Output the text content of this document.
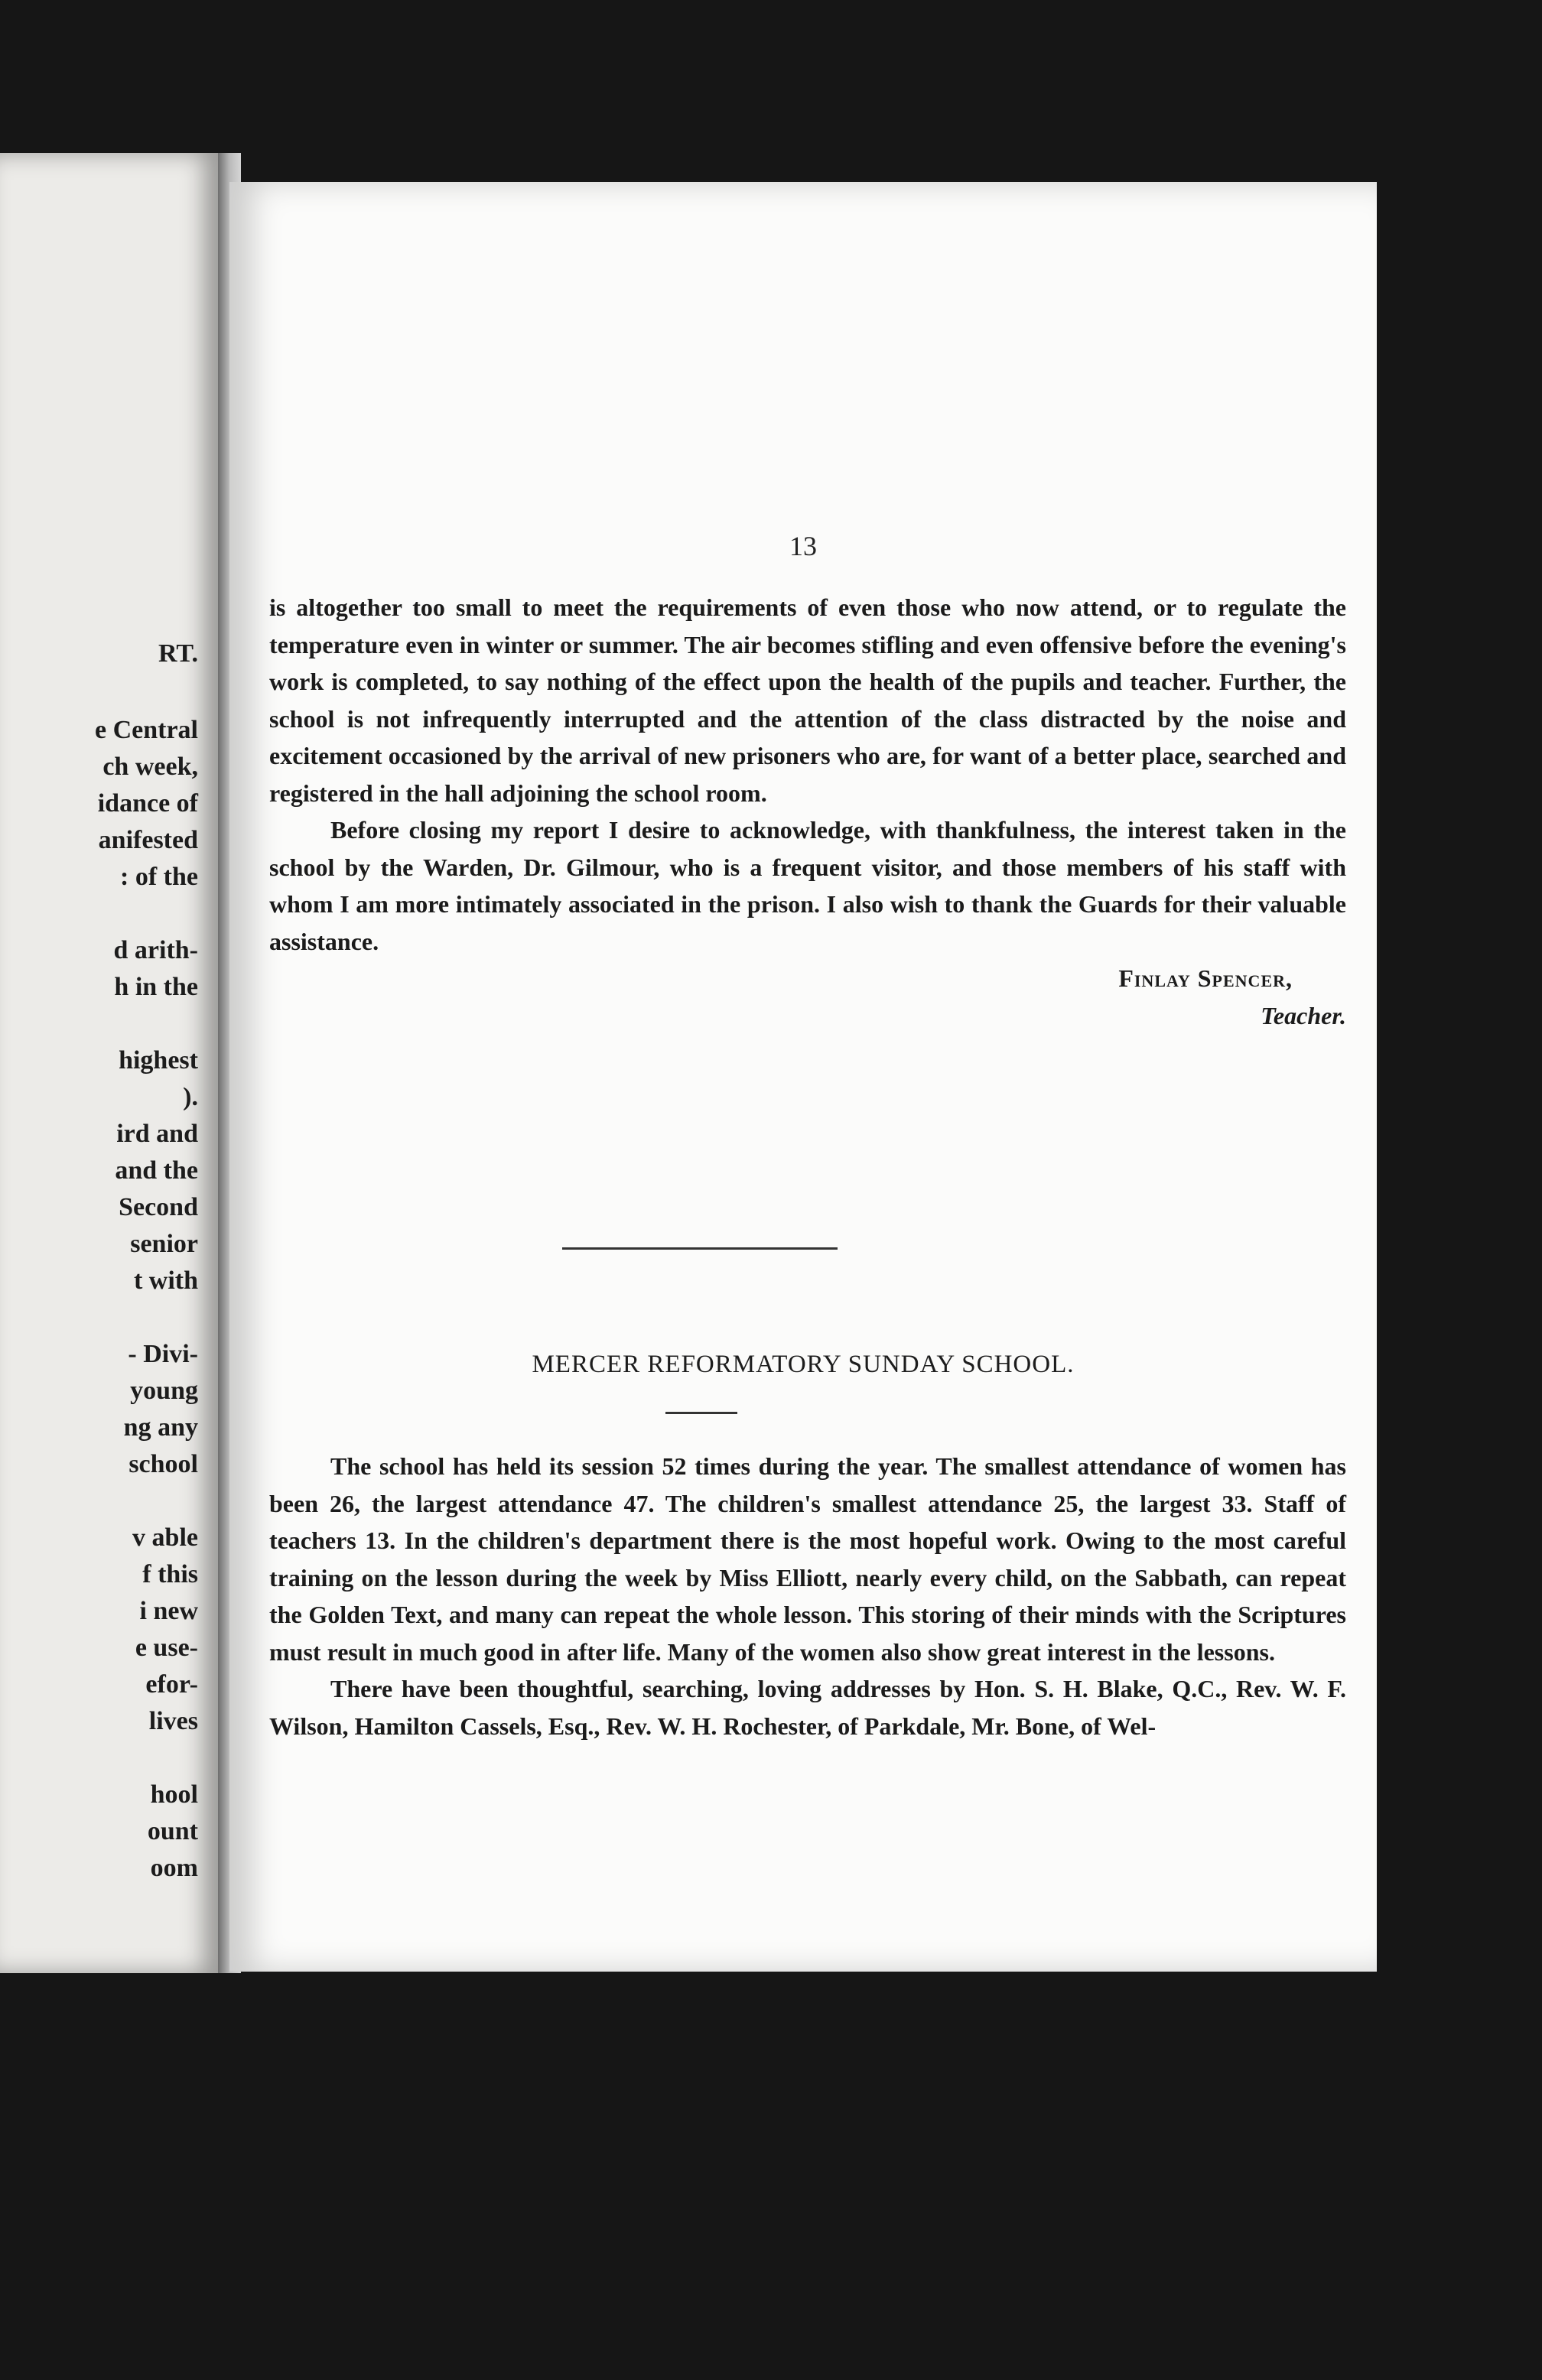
RT.
e Central
ch week,
idance of
anifested
: of the
d arith-
h in the
highest
).
ird and
and the
Second
senior
t with
- Divi-
young
ng any
school
v able
f this
i new
e use-
efor-
lives
hool
ount
oom
13

is altogether too small to meet the requirements of even those who now attend, or to regulate the temperature even in winter or summer. The air becomes stifling and even offensive before the evening's work is completed, to say nothing of the effect upon the health of the pupils and teacher. Further, the school is not infrequently interrupted and the attention of the class distracted by the noise and excitement occasioned by the arrival of new prisoners who are, for want of a better place, searched and registered in the hall adjoining the school room.

Before closing my report I desire to acknowledge, with thankfulness, the interest taken in the school by the Warden, Dr. Gilmour, who is a frequent visitor, and those members of his staff with whom I am more intimately associated in the prison. I also wish to thank the Guards for their valuable assistance.

Finlay Spencer,
Teacher.
MERCER REFORMATORY SUNDAY SCHOOL.

The school has held its session 52 times during the year. The smallest attendance of women has been 26, the largest attendance 47. The children's smallest attendance 25, the largest 33. Staff of teachers 13. In the children's department there is the most hopeful work. Owing to the most careful training on the lesson during the week by Miss Elliott, nearly every child, on the Sabbath, can repeat the Golden Text, and many can repeat the whole lesson. This storing of their minds with the Scriptures must result in much good in after life. Many of the women also show great interest in the lessons.

There have been thoughtful, searching, loving addresses by Hon. S. H. Blake, Q.C., Rev. W. F. Wilson, Hamilton Cassels, Esq., Rev. W. H. Rochester, of Parkdale, Mr. Bone, of Wel-
